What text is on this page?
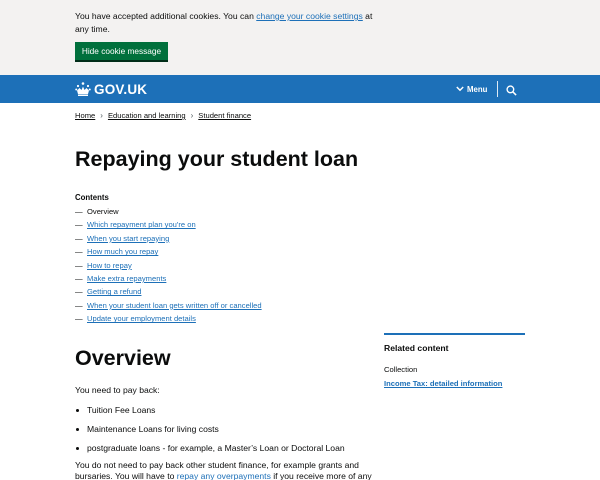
You have accepted additional cookies. You can change your cookie settings at any time.

Hide cookie message
GOV.UK	Menu
Home › Education and learning › Student finance
Repaying your student loan
Contents
— Overview
— Which repayment plan you're on
— When you start repaying
— How much you repay
— How to repay
— Make extra repayments
— Getting a refund
— When your student loan gets written off or cancelled
— Update your employment details
Related content

Collection

Income Tax: detailed information
Overview

You need to pay back:

Tuition Fee Loans
Maintenance Loans for living costs
postgraduate loans - for example, a Master’s Loan or Doctoral Loan

You do not need to pay back other student finance, for example grants and bursaries. You will have to repay any overpayments if you receive more of any
